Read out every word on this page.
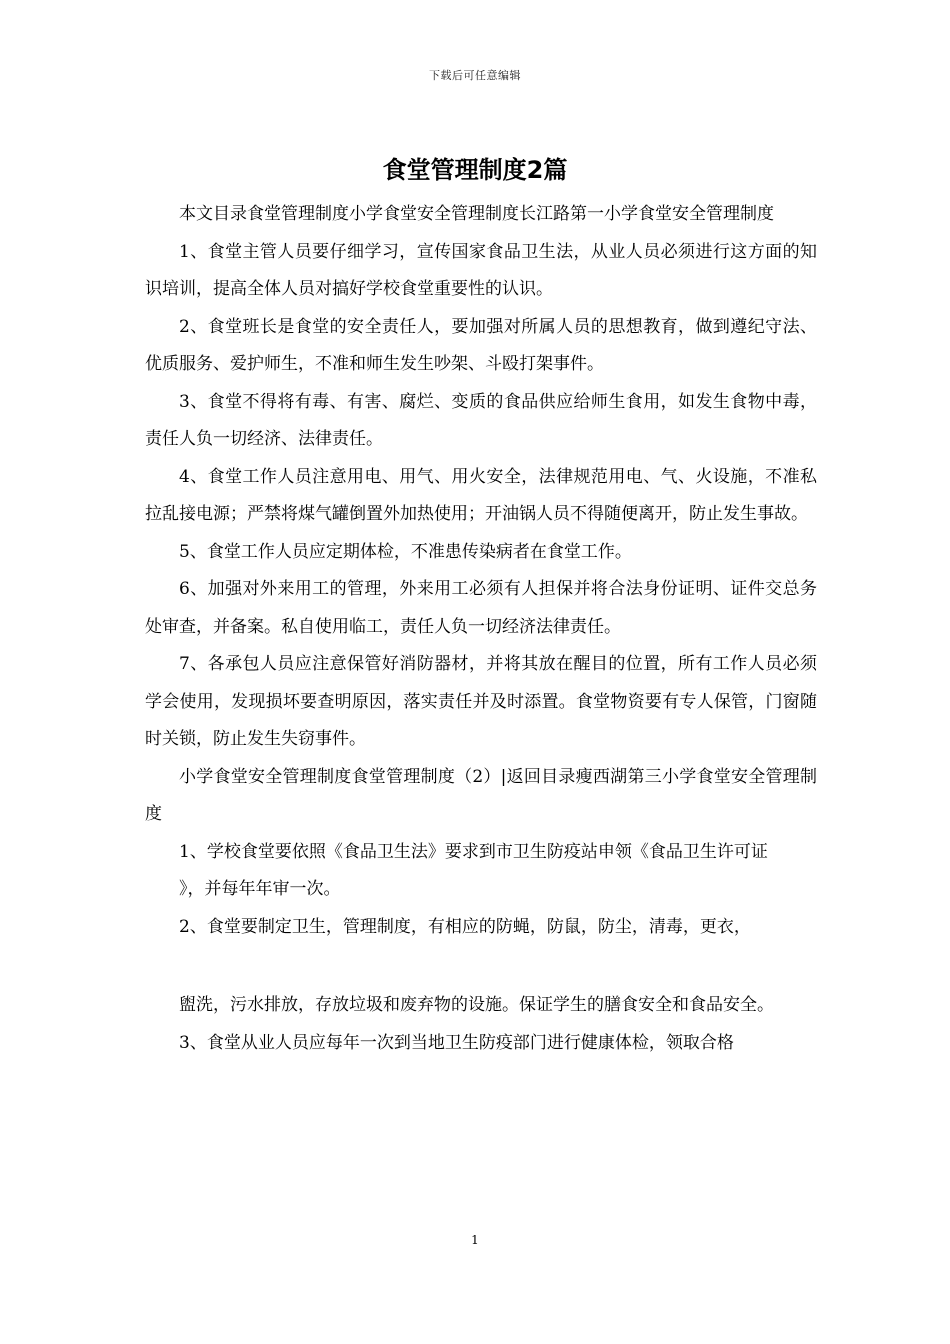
下载后可任意编辑
食堂管理制度2篇

本文目录食堂管理制度小学食堂安全管理制度长江路第一小学食堂安全管理制度

1、食堂主管人员要仔细学习，宣传国家食品卫生法，从业人员必须进行这方面的知识培训，提高全体人员对搞好学校食堂重要性的认识。

2、食堂班长是食堂的安全责任人，要加强对所属人员的思想教育，做到遵纪守法、优质服务、爱护师生，不准和师生发生吵架、斗殴打架事件。

3、食堂不得将有毒、有害、腐烂、变质的食品供应给师生食用，如发生食物中毒，责任人负一切经济、法律责任。

4、食堂工作人员注意用电、用气、用火安全，法律规范用电、气、火设施，不准私拉乱接电源；严禁将煤气罐倒置外加热使用；开油锅人员不得随便离开，防止发生事故。

5、食堂工作人员应定期体检，不准患传染病者在食堂工作。

6、加强对外来用工的管理，外来用工必须有人担保并将合法身份证明、证件交总务处审查，并备案。私自使用临工，责任人负一切经济法律责任。

7、各承包人员应注意保管好消防器材，并将其放在醒目的位置，所有工作人员必须学会使用，发现损坏要查明原因，落实责任并及时添置。食堂物资要有专人保管，门窗随时关锁，防止发生失窃事件。

小学食堂安全管理制度食堂管理制度（2）|返回目录瘦西湖第三小学食堂安全管理制度

1、学校食堂要依照《食品卫生法》要求到市卫生防疫站申领《食品卫生许可证

》，并每年年审一次。

2、食堂要制定卫生，管理制度，有相应的防蝇，防鼠，防尘，清毒，更衣，

盥洗，污水排放，存放垃圾和废弃物的设施。保证学生的膳食安全和食品安全。

3、食堂从业人员应每年一次到当地卫生防疫部门进行健康体检，领取合格

1
